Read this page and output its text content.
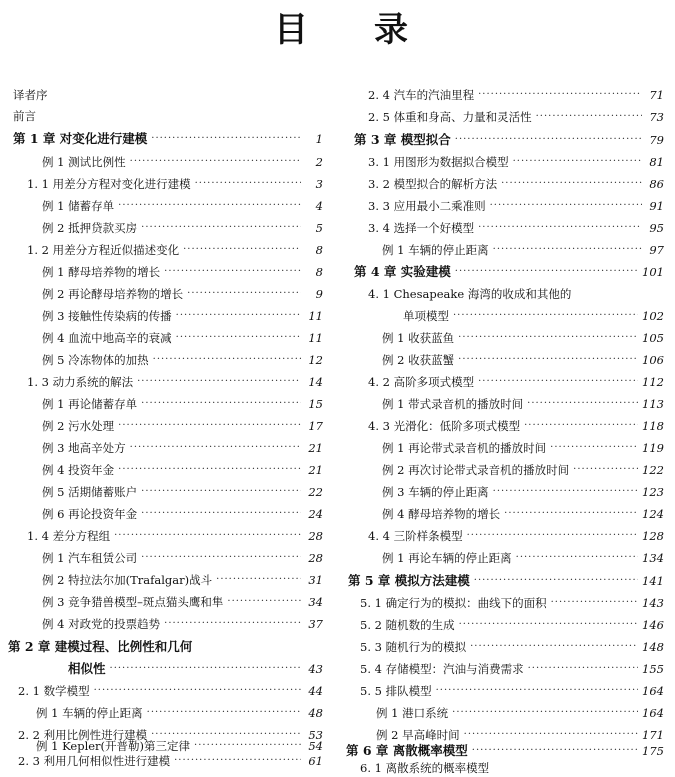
目 录
译者序
前言
第 1 章 对变化进行建模 ·····	1
例 1 测试比例性 ·····	2
1. 1 用差分方程对变化进行建模 ·····	3
例 1 储蓄存单 ·····	4
例 2 抵押贷款买房 ·····	5
1. 2 用差分方程近似描述变化 ·····	8
例 1 酵母培养物的增长 ·····	8
例 2 再论酵母培养物的增长 ·····	9
例 3 接触性传染病的传播 ·····	11
例 4 血流中地高辛的衰减 ·····	11
例 5 冷冻物体的加热 ·····	12
1. 3 动力系统的解法 ·····	14
例 1 再论储蓄存单 ·····	15
例 2 污水处理 ·····	17
例 3 地高辛处方 ·····	21
例 4 投资年金 ·····	21
例 5 活期储蓄账户 ·····	22
例 6 再论投资年金 ·····	24
1. 4 差分方程组 ·····	28
例 1 汽车租赁公司 ·····	28
例 2 特拉法尔加(Trafalgar)战斗 ·····	31
例 3 竞争猎兽模型–斑点猫头鹰和隼 ·····	34
例 4 对政党的投票趋势 ·····	37
第 2 章 建模过程、比例性和几何
相似性 ·····	43
2. 1 数学模型 ·····	44
例 1 车辆的停止距离 ·····	48
2. 2 利用比例性进行建模 ·····	53
例 1 Kepler(开普勒)第三定律 ·····	54
2. 3 利用几何相似性进行建模 ·····	61
2. 4 汽车的汽油里程 ·····	71
2. 5 体重和身高、力量和灵活性 ·····	73
第 3 章 模型拟合 ·····	79
3. 1 用图形为数据拟合模型 ·····	81
3. 2 模型拟合的解析方法 ·····	86
3. 3 应用最小二乘准则 ·····	91
3. 4 选择一个好模型 ·····	95
例 1 车辆的停止距离 ·····	97
第 4 章 实验建模 ·····	101
4. 1 Chesapeake 海湾的收成和其他的
单项模型 ·····	102
例 1 收获蓝鱼 ·····	105
例 2 收获蓝蟹 ·····	106
4. 2 高阶多项式模型 ·····	112
例 1 带式录音机的播放时间 ·····	113
4. 3 光滑化：低阶多项式模型 ·····	118
例 1 再论带式录音机的播放时间 ·····	119
例 2 再次讨论带式录音机的播放时间 ·····	122
例 3 车辆的停止距离 ·····	123
例 4 酵母培养物的增长 ·····	124
4. 4 三阶样条模型 ·····	128
例 1 再论车辆的停止距离 ·····	134
第 5 章 模拟方法建模 ·····	141
5. 1 确定行为的模拟：曲线下的面积 ·····	143
5. 2 随机数的生成 ·····	146
5. 3 随机行为的模拟 ·····	148
5. 4 存储模型：汽油与消费需求 ·····	155
5. 5 排队模型 ·····	164
例 1 港口系统 ·····	164
例 2 早高峰时间 ·····	171
第 6 章 离散概率模型 ·····	175
6. 1 离散系统的概率模型
